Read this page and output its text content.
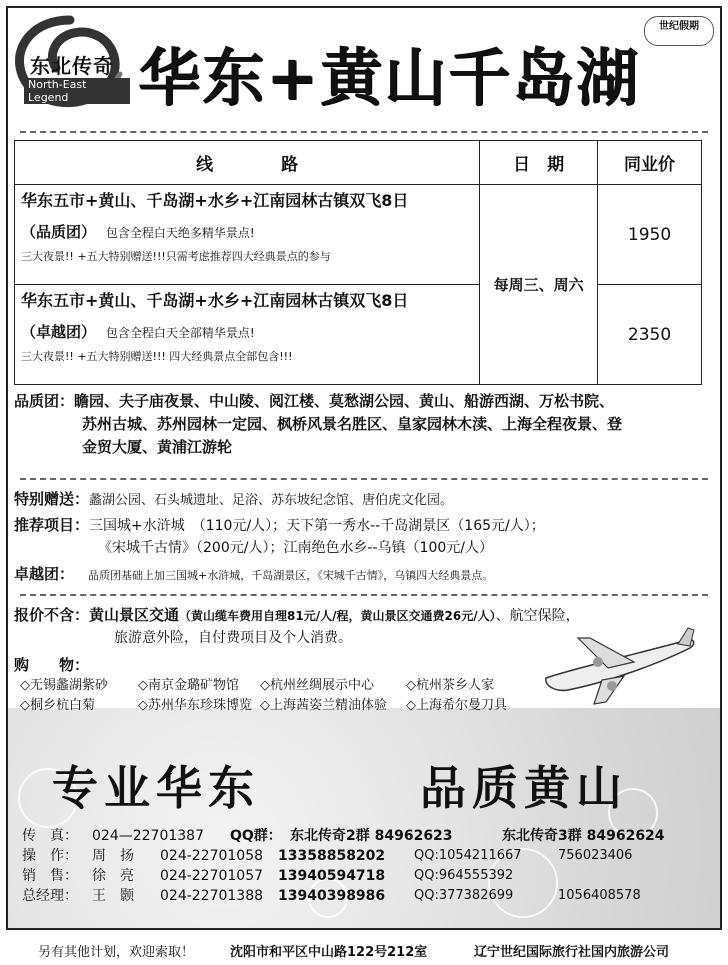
东北传奇
North-East Legend	华东+黄山千岛湖
世纪假期
线　　　　路	日　期	同业价

华东五市+黄山、千岛湖+水乡+江南园林古镇双飞8日
（品质团） 包含全程白天绝多精华景点!
三大夜景!! +五大特别赠送!!!只需考虑推荐四大经典景点的参与	每周三、周六	1950

华东五市+黄山、千岛湖+水乡+江南园林古镇双飞8日
（卓越团） 包含全程白天全部精华景点!
三大夜景!! +五大特别赠送!!! 四大经典景点全部包含!!!		2350
品质团：瞻园、夫子庙夜景、中山陵、阅江楼、莫愁湖公园、黄山、船游西湖、万松书院、
苏州古城、苏州园林一定园、枫桥风景名胜区、皇家园林木渎、上海全程夜景、登
金贸大厦、黄浦江游轮
特别赠送：蠡湖公园、石头城遗址、足浴、苏东坡纪念馆、唐伯虎文化园。
推荐项目：三国城+水浒城　（110元/人）；天下第一秀水--千岛湖景区（165元/人）；
《宋城千古情》（200元/人）；江南绝色水乡--乌镇（100元/人）
卓越团： 品质团基础上加三国城+水浒城，千岛湖景区，《宋城千古情》，乌镇四大经典景点。
报价不含：黄山景区交通（黄山缆车费用自理81元/人/程，黄山景区交通费26元/人）、航空保险，
旅游意外险，自付费项目及个人消费。
购　　物：
◇无锡蠡湖紫砂	◇南京金璐矿物馆	◇杭州丝绸展示中心	◇杭州茶乡人家
◇桐乡杭白菊	◇苏州华东珍珠博览 ◇上海茜姿兰精油体验	◇上海希尔曼刀具
专业华东	品质黄山
传　真： 024—22701387 QQ群： 东北传奇2群 84962623	东北传奇3群 84962624
操　作： 周　扬 024-22701058 13358858202 QQ:1054211667	756023406
销　售： 徐　亮 024-22701057 13940594718 QQ:964555392
总经理： 王　颢 024-22701388 13940398986 QQ:377382699	1056408578
另有其他计划，欢迎索取！	沈阳市和平区中山路122号212室	辽宁世纪国际旅行社国内旅游公司
